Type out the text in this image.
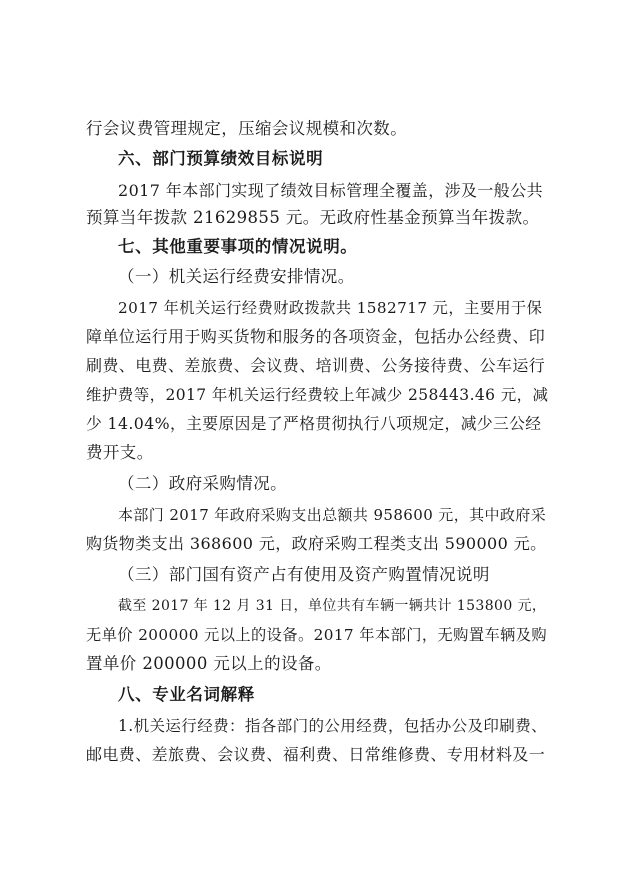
行会议费管理规定，压缩会议规模和次数。
六、部门预算绩效目标说明
2017 年本部门实现了绩效目标管理全覆盖，涉及一般公共
预算当年拨款 21629855 元。无政府性基金预算当年拨款。
七、其他重要事项的情况说明。
（一）机关运行经费安排情况。
2017 年机关运行经费财政拨款共 1582717 元，主要用于保
障单位运行用于购买货物和服务的各项资金，包括办公经费、印
刷费、电费、差旅费、会议费、培训费、公务接待费、公车运行
维护费等，2017 年机关运行经费较上年减少 258443.46 元，减
少 14.04%，主要原因是了严格贯彻执行八项规定，减少三公经
费开支。
（二）政府采购情况。
本部门 2017 年政府采购支出总额共 958600 元，其中政府采
购货物类支出 368600 元，政府采购工程类支出 590000 元。
（三）部门国有资产占有使用及资产购置情况说明
截至 2017 年 12 月 31 日，单位共有车辆一辆共计 153800 元，
无单价 200000 元以上的设备。2017 年本部门，无购置车辆及购
置单价 200000 元以上的设备。
八、专业名词解释
1.机关运行经费：指各部门的公用经费，包括办公及印刷费、
邮电费、差旅费、会议费、福利费、日常维修费、专用材料及一
